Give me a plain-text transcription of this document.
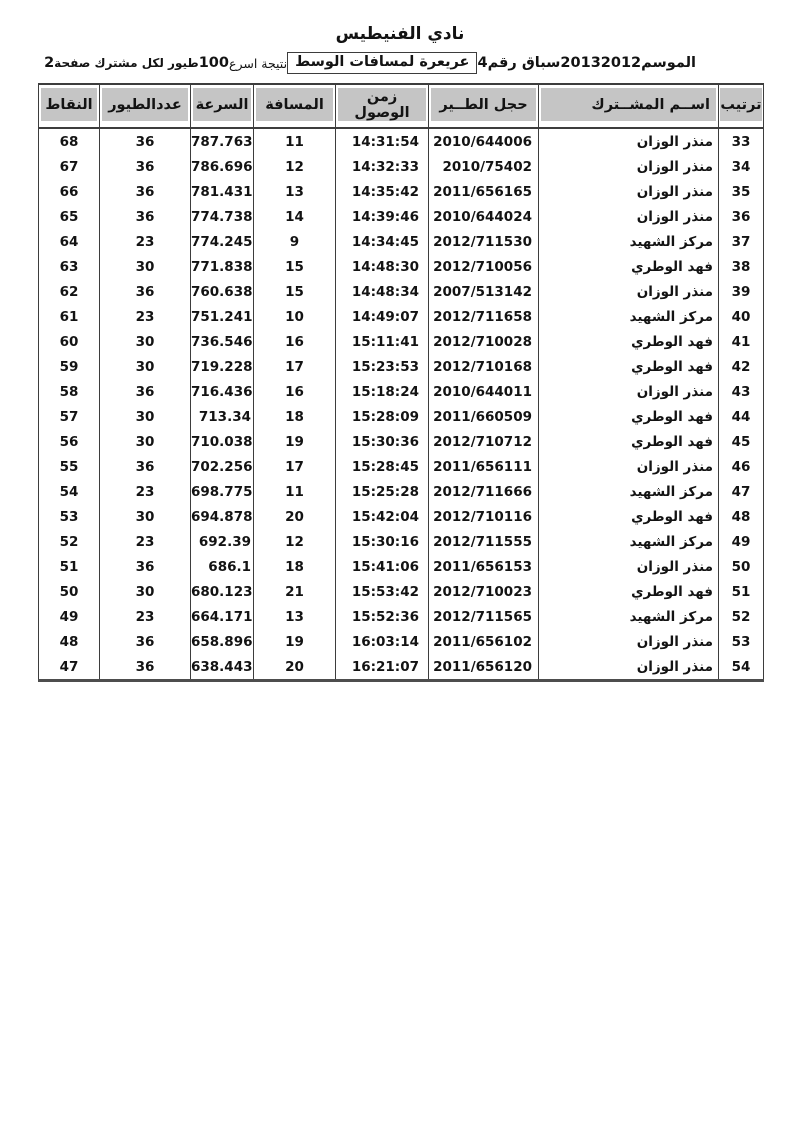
نادي الفنيطيس
الموسم
20132012
سباق رقم
4
عريعرة لمسافات الوسط
نتيجة اسرع
100
طيور لكل مشترك صفحة
2
ترتيب	اســم المشــترك	حجل الطــير	زمن الوصول	المسافة	السرعة	عددالطيور	النقاط

33	منذر الوزان	2010/644006	14:31:54	11	787.763	36	68
34	منذر الوزان	2010/75402	14:32:33	12	786.696	36	67
35	منذر الوزان	2011/656165	14:35:42	13	781.431	36	66
36	منذر الوزان	2010/644024	14:39:46	14	774.738	36	65
37	مركز الشهيد	2012/711530	14:34:45	9	774.245	23	64
38	فهد الوطري	2012/710056	14:48:30	15	771.838	30	63
39	منذر الوزان	2007/513142	14:48:34	15	760.638	36	62
40	مركز الشهيد	2012/711658	14:49:07	10	751.241	23	61
41	فهد الوطري	2012/710028	15:11:41	16	736.546	30	60
42	فهد الوطري	2012/710168	15:23:53	17	719.228	30	59
43	منذر الوزان	2010/644011	15:18:24	16	716.436	36	58
44	فهد الوطري	2011/660509	15:28:09	18	713.34	30	57
45	فهد الوطري	2012/710712	15:30:36	19	710.038	30	56
46	منذر الوزان	2011/656111	15:28:45	17	702.256	36	55
47	مركز الشهيد	2012/711666	15:25:28	11	698.775	23	54
48	فهد الوطري	2012/710116	15:42:04	20	694.878	30	53
49	مركز الشهيد	2012/711555	15:30:16	12	692.39	23	52
50	منذر الوزان	2011/656153	15:41:06	18	686.1	36	51
51	فهد الوطري	2012/710023	15:53:42	21	680.123	30	50
52	مركز الشهيد	2012/711565	15:52:36	13	664.171	23	49
53	منذر الوزان	2011/656102	16:03:14	19	658.896	36	48
54	منذر الوزان	2011/656120	16:21:07	20	638.443	36	47
